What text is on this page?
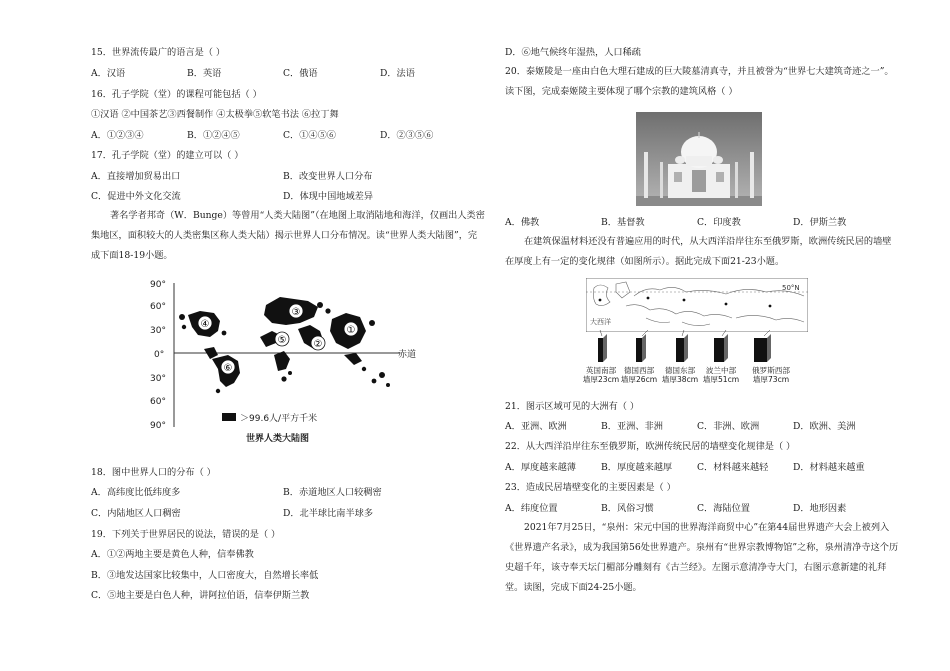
15．世界流传最广的语言是（ ）
A．汉语	B．英语	C．俄语	D．法语
16．孔子学院（堂）的课程可能包括（ ）
①汉语 ②中国茶艺③西餐制作 ④太极拳⑤软笔书法 ⑥拉丁舞
A．①②③④	B．①②④⑤	C．①④⑤⑥	D．②③⑤⑥
17．孔子学院（堂）的建立可以（ ）
A．直接增加贸易出口	B．改变世界人口分布
C．促进中外文化交流	D．体现中国地域差异
著名学者邦奇（W．Bunge）等曾用“人类大陆图”（在地图上取消陆地和海洋，仅画出人类密集地区，面积较大的人类密集区称人类大陆）揭示世界人口分布情况。读“世界人类大陆图”，完成下面18-19小题。
90°
60°
30°
0°
30°
60°
90°
赤道
④
⑤
⑥
②
①
③
＞99.6人/平方千米
世界人类大陆图
18．图中世界人口的分布（ ）
A．高纬度比低纬度多	B．赤道地区人口较稠密
C．内陆地区人口稠密	D．北半球比南半球多
19．下列关于世界居民的说法，错误的是（ ）
A．①②两地主要是黄色人种，信奉佛教
B．③地发达国家比较集中，人口密度大，自然增长率低
C．⑤地主要是白色人种，讲阿拉伯语，信奉伊斯兰教
D．⑥地气候终年湿热，人口稀疏
20．泰姬陵是一座由白色大理石建成的巨大陵墓清真寺，并且被誉为“世界七大建筑奇迹之一”。读下图，完成泰姬陵主要体现了哪个宗教的建筑风格（ ）
A．佛教	B．基督教	C．印度教	D．伊斯兰教
在建筑保温材料还没有普遍应用的时代，从大西洋沿岸往东至俄罗斯，欧洲传统民居的墙壁在厚度上有一定的变化规律（如图所示）。据此完成下面21-23小题。
大西洋
50°N
英国南部
墙厚23cm
德国西部
墙厚26cm
德国东部
墙厚38cm
波兰中部
墙厚51cm
俄罗斯西部
墙厚73cm
21．图示区域可见的大洲有（ ）
A．亚洲、欧洲	B．亚洲、非洲	C．非洲、欧洲	D．欧洲、美洲
22．从大西洋沿岸往东至俄罗斯，欧洲传统民居的墙壁变化规律是（ ）
A．厚度越来越薄	B．厚度越来越厚	C．材料越来越轻	D．材料越来越重
23．造成民居墙壁变化的主要因素是（ ）
A．纬度位置	B．风俗习惯	C．海陆位置	D．地形因素
2021年7月25日，“泉州：宋元中国的世界海洋商贸中心”在第44届世界遗产大会上被列入《世界遗产名录》，成为我国第56处世界遗产。泉州有“世界宗教博物馆”之称，泉州清净寺这个历史超千年，该寺奉天坛门楣部分雕刻有《古兰经》。左图示意清净寺大门，右图示意新建的礼拜堂。读图，完成下面24-25小题。
